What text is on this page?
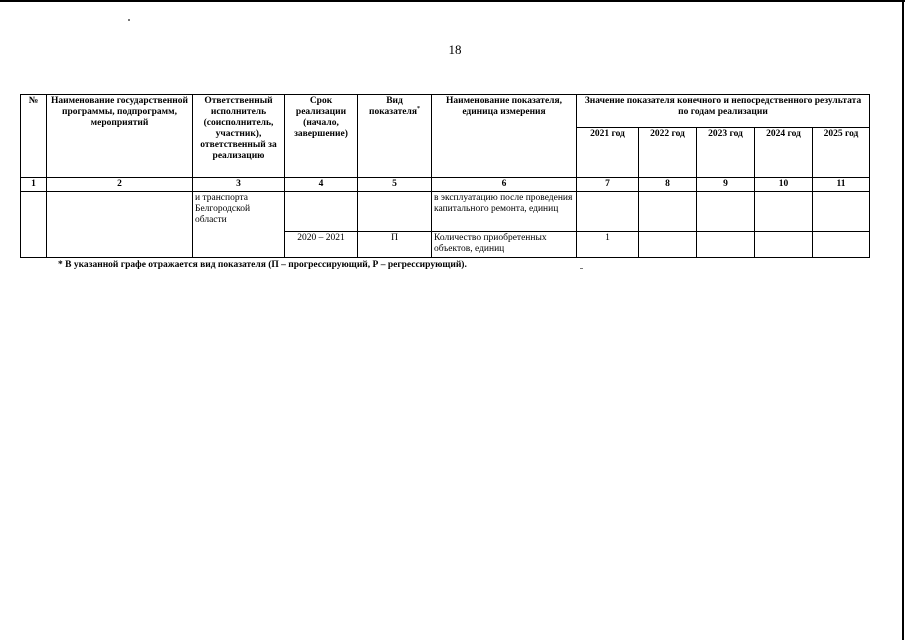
18
№	Наименование государственной программы, подпрограмм, мероприятий	Ответственный исполнитель (соисполнитель, участник), ответственный за реализацию	Срок реализации (начало, завершение)	Вид показателя*	Наименование показателя, единица измерения	Значение показателя конечного и непосредственного результата по годам реализации				
						2021 год	2022 год	2023 год	2024 год	2025 год
1	2	3	4	5	6	7	8	9	10	11
		и транспорта Белгородской области			в эксплуатацию после проведения капитального ремонта, единиц					
			2020 – 2021	П	Количество приобретенных объектов, единиц	1				
* В указанной графе отражается вид показателя (П – прогрессирующий, Р – регрессирующий).
